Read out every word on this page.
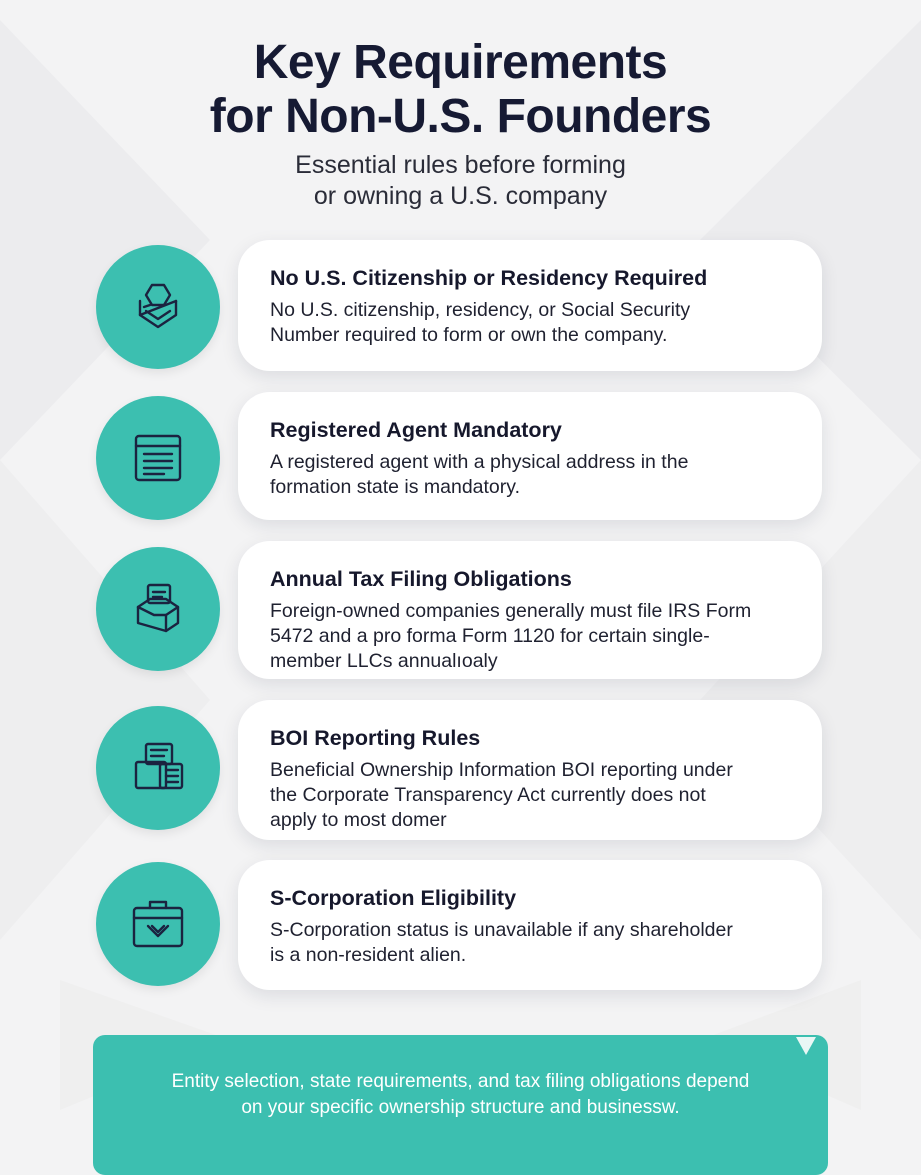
Key Requirements
for Non-U.S. Founders

Essential rules before forming
or owning a U.S. company

No U.S. Citizenship or Residency Required

No U.S. citizenship, residency, or Social Security
Number required to form or own the company.

Registered Agent Mandatory

A registered agent with a physical address in the
formation state is mandatory.

Annual Tax Filing Obligations

Foreign-owned companies generally must file IRS Form
5472 and a pro forma Form 1120 for certain single-
member LLCs annualıoaly

BOI Reporting Rules

Beneficial Ownership Information BOI reporting under
the Corporate Transparency Act currently does not
apply to most domer

S-Corporation Eligibility

S-Corporation status is unavailable if any shareholder
is a non-resident alien.

Entity selection, state requirements, and tax filing obligations depend
on your specific ownership structure and businessw.
